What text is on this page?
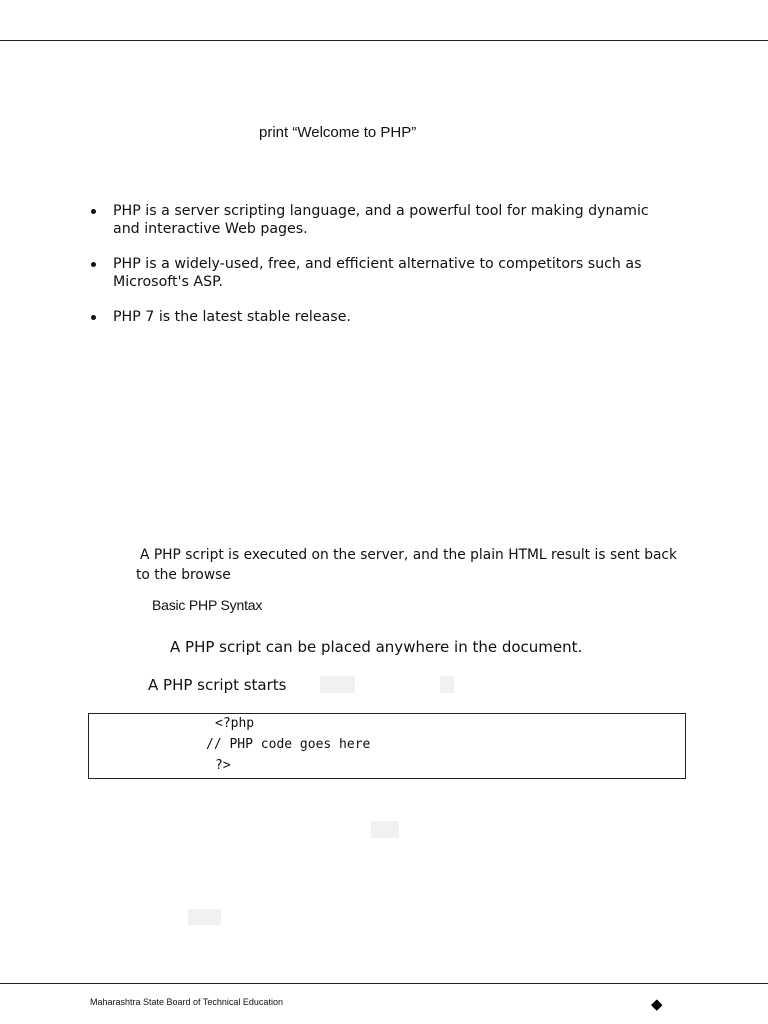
print “Welcome to PHP”
PHP is a server scripting language, and a powerful tool for making dynamic and interactive Web pages.
PHP is a widely-used, free, and efficient alternative to competitors such as Microsoft's ASP.
PHP 7 is the latest stable release.

A PHP script is executed on the server, and the plain HTML result is sent back to the browse

Basic PHP Syntax
A PHP script can be placed anywhere in the document.
A PHP script starts
<?php
// PHP code goes here
?>
Maharashtra State Board of Technical Education	◆
